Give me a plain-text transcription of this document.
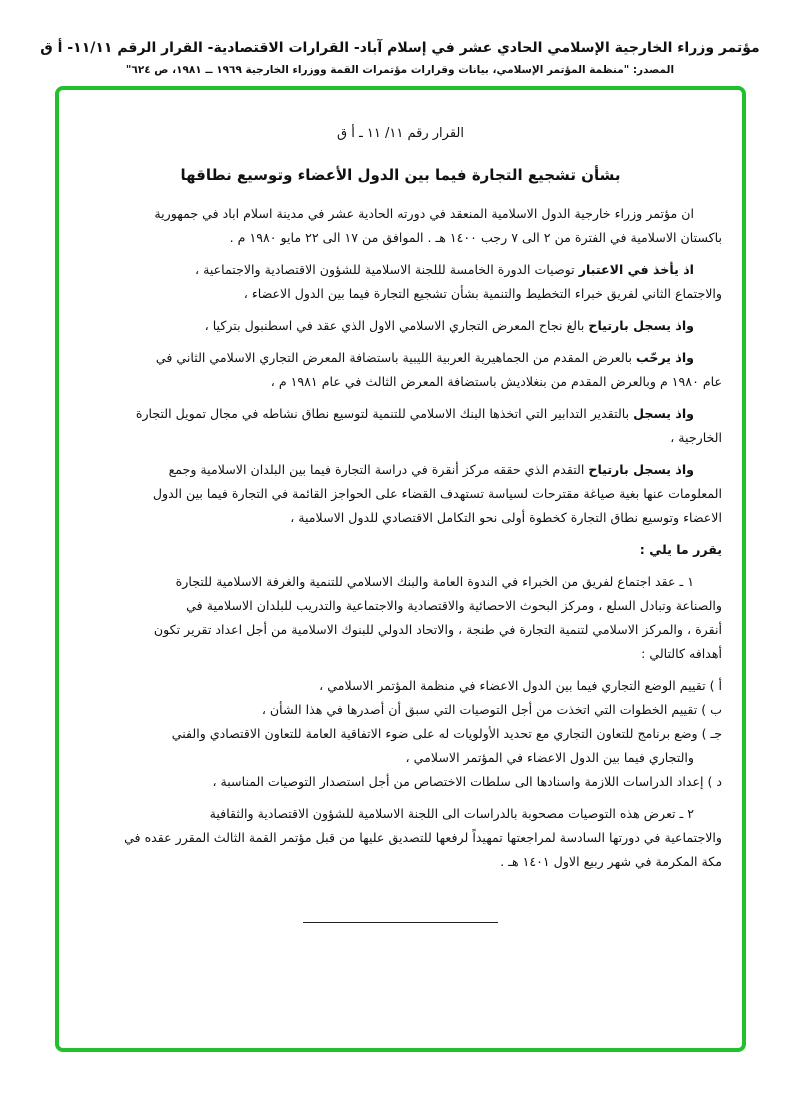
مؤتمر وزراء الخارجية الإسلامي الحادي عشر في إسلام آباد- القرارات الاقتصادية- القرار الرقم ١١/١١- أ ق
المصدر: "منظمة المؤتمر الإسلامي، بيانات وقرارات مؤتمرات القمة ووزراء الخارجية ١٩٦٩ ــ ١٩٨١، ص ٦٢٤"
القرار رقم ١١/ ١١ ـ أ ق
بشأن تشجيع التجارة فيما بين الدول الأعضاء وتوسيع نطاقها
ان مؤتمر وزراء خارجية الدول الاسلامية المنعقد في دورته الحادية عشر في مدينة اسلام اباد في جمهورية
باكستان الاسلامية في الفترة من ٢ الى ٧ رجب ١٤٠٠ هـ . الموافق من ١٧ الى ٢٢ مايو ١٩٨٠ م .
اذ يأخذ في الاعتبار توصيات الدورة الخامسة لللجنة الاسلامية للشؤون الاقتصادية والاجتماعية ،
والاجتماع الثاني لفريق خبراء التخطيط والتنمية بشأن تشجيع التجارة فيما بين الدول الاعضاء ،
واذ يسجل بارتياح بالغ نجاح المعرض التجاري الاسلامي الاول الذي عقد في اسطنبول بتركيا ،
واذ يرحّب بالعرض المقدم من الجماهيرية العربية الليبية باستضافة المعرض التجاري الاسلامي الثاني في
عام ١٩٨٠ م وبالعرض المقدم من بنغلاديش باستضافة المعرض الثالث في عام ١٩٨١ م ،
واذ يسجل بالتقدير التدابير التي اتخذها البنك الاسلامي للتنمية لتوسيع نطاق نشاطه في مجال تمويل التجارة
الخارجية ،
واذ يسجل بارتياح التقدم الذي حققه مركز أنقرة في دراسة التجارة فيما بين البلدان الاسلامية وجمع
المعلومات عنها بغية صياغة مقترحات لسياسة تستهدف القضاء على الحواجز القائمة في التجارة فيما بين الدول
الاعضاء وتوسيع نطاق التجارة كخطوة أولى نحو التكامل الاقتصادي للدول الاسلامية ،
يقرر ما يلي :
١ ـ عقد اجتماع لفريق من الخبراء في الندوة العامة والبنك الاسلامي للتنمية والغرفة الاسلامية للتجارة
والصناعة وتبادل السلع ، ومركز البحوث الاحصائية والاقتصادية والاجتماعية والتدريب للبلدان الاسلامية في
أنقرة ، والمركز الاسلامي لتنمية التجارة في طنجة ، والاتحاد الدولي للبنوك الاسلامية من أجل اعداد تقرير تكون
أهدافه كالتالي :
أ ) تقييم الوضع التجاري فيما بين الدول الاعضاء في منظمة المؤتمر الاسلامي ،
ب ) تقييم الخطوات التي اتخذت من أجل التوصيات التي سبق أن أصدرها في هذا الشأن ،
جـ ) وضع برنامج للتعاون التجاري مع تحديد الأولويات له على ضوء الاتفاقية العامة للتعاون الاقتصادي والفني
والتجاري فيما بين الدول الاعضاء في المؤتمر الاسلامي ،
د ) إعداد الدراسات اللازمة واسنادها الى سلطات الاختصاص من أجل استصدار التوصيات المناسبة ،
٢ ـ تعرض هذه التوصيات مصحوبة بالدراسات الى اللجنة الاسلامية للشؤون الاقتصادية والثقافية
والاجتماعية في دورتها السادسة لمراجعتها تمهيداً لرفعها للتصديق عليها من قبل مؤتمر القمة الثالث المقرر عقده في
مكة المكرمة في شهر ربيع الاول ١٤٠١ هـ .
